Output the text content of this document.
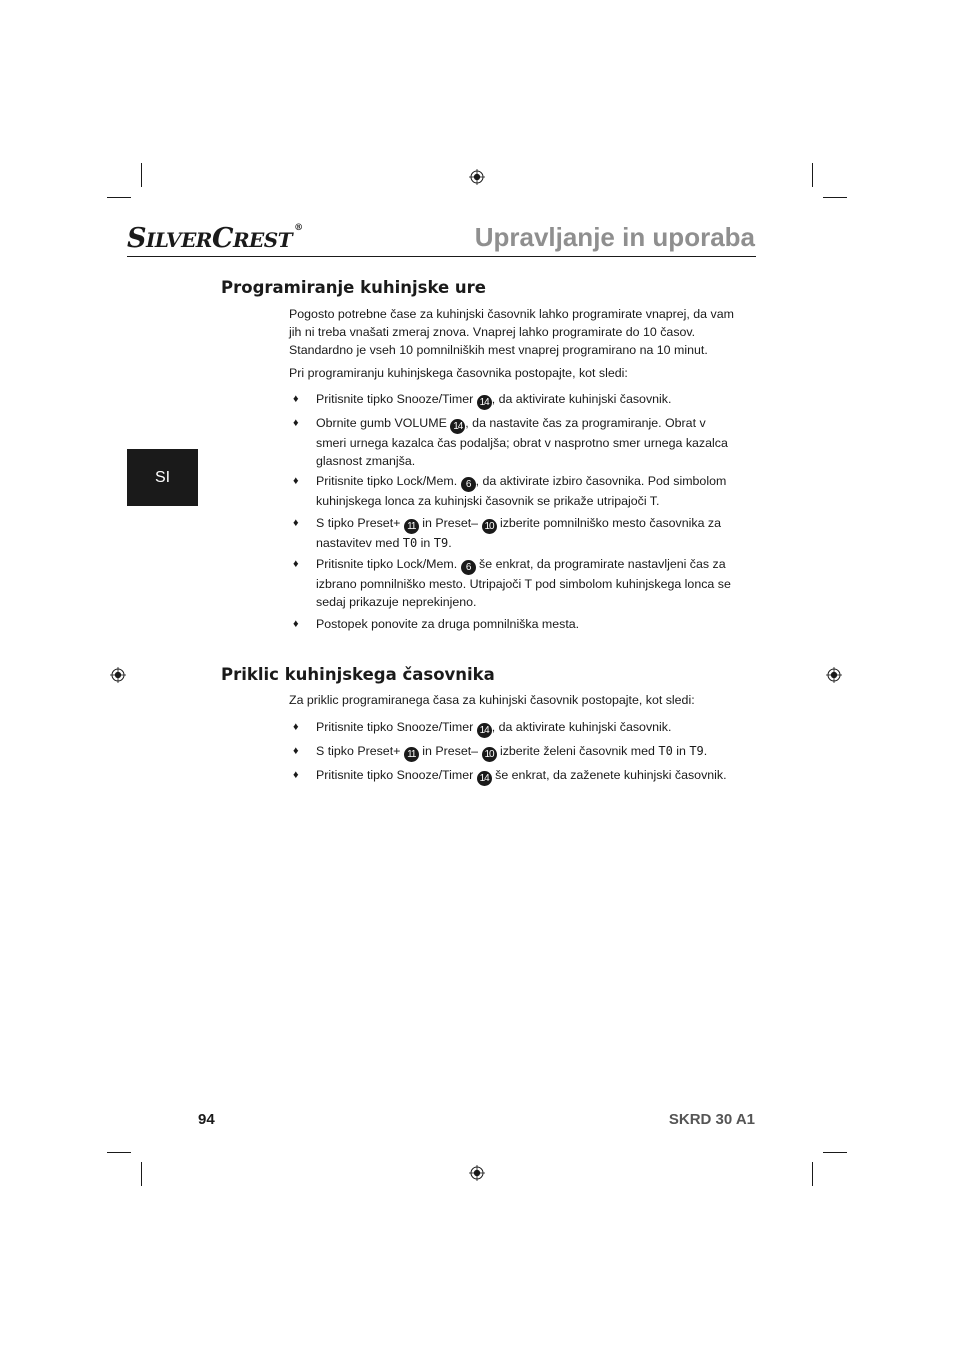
SILVERCREST ®	Upravljanje in uporaba
SI
Programiranje kuhinjske ure

Pogosto potrebne čase za kuhinjski časovnik lahko programirate vnaprej, da vam jih ni treba vnašati zmeraj znova. Vnaprej lahko programirate do 10 časov. Standardno je vseh 10 pomnilniških mest vnaprej programirano na 10 minut.

Pri programiranju kuhinjskega časovnika postopajte, kot sledi:

♦ Pritisnite tipko Snooze/Timer 14 , da aktivirate kuhinjski časovnik.
♦ Obrnite gumb VOLUME 14 , da nastavite čas za programiranje. Obrat v smeri urnega kazalca čas podaljša; obrat v nasprotno smer urnega kazalca glasnost zmanjša.
♦ Pritisnite tipko Lock/Mem. 6 , da aktivirate izbiro časovnika. Pod simbolom kuhinjskega lonca za kuhinjski časovnik se prikaže utripajoči T.
♦ S tipko Preset+ 11 in Preset– 10 izberite pomnilniško mesto časovnika za nastavitev med T0 in T9.
♦ Pritisnite tipko Lock/Mem. 6 še enkrat, da programirate nastavljeni čas za izbrano pomnilniško mesto. Utripajoči T pod simbolom kuhinjskega lonca se sedaj prikazuje neprekinjeno.
♦ Postopek ponovite za druga pomnilniška mesta.
Priklic kuhinjskega časovnika

Za priklic programiranega časa za kuhinjski časovnik postopajte, kot sledi:

♦ Pritisnite tipko Snooze/Timer 14 , da aktivirate kuhinjski časovnik.
♦ S tipko Preset+ 11 in Preset– 10 izberite želeni časovnik med T0 in T9.
♦ Pritisnite tipko Snooze/Timer 14 še enkrat, da zaženete kuhinjski časovnik.
94	SKRD 30 A1
